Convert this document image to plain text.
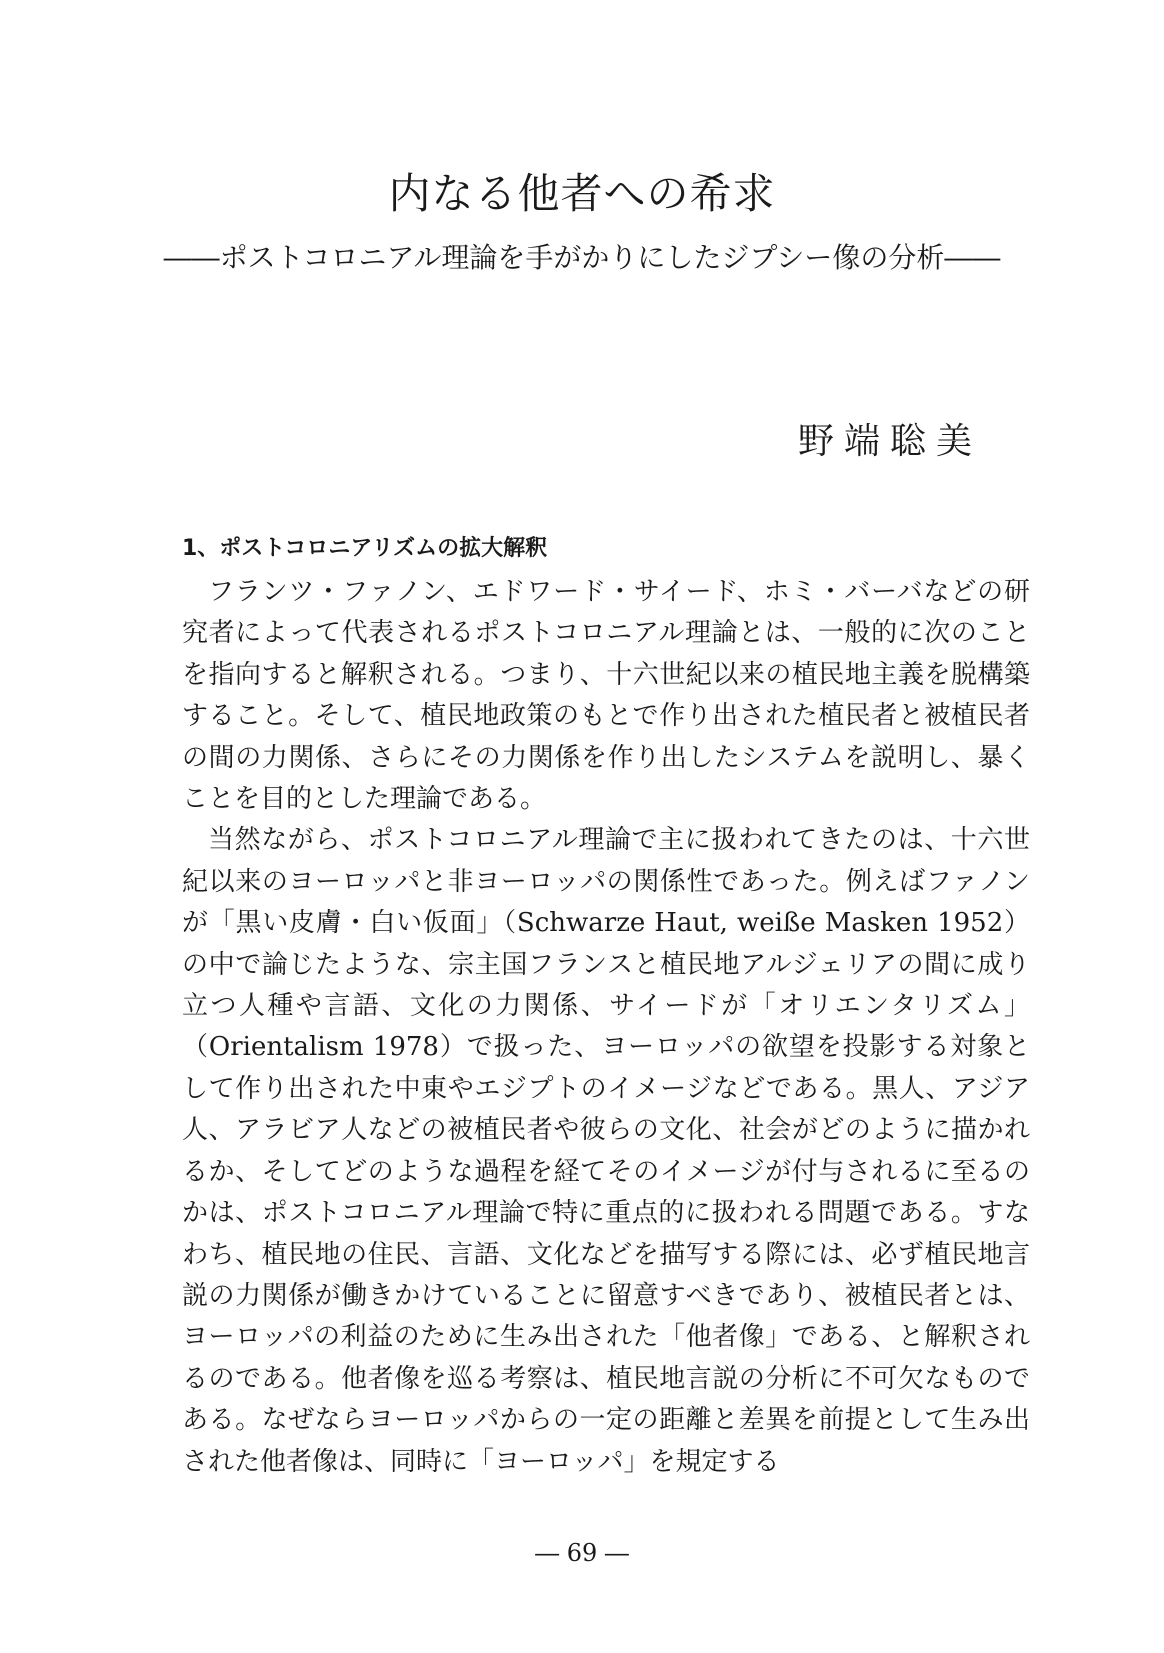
内なる他者への希求

――ポストコロニアル理論を手がかりにしたジプシー像の分析――

野端聡美

1、ポストコロニアリズムの拡大解釈

フランツ・ファノン、エドワード・サイード、ホミ・バーバなどの研究者によって代表されるポストコロニアル理論とは、一般的に次のことを指向すると解釈される。つまり、十六世紀以来の植民地主義を脱構築すること。そして、植民地政策のもとで作り出された植民者と被植民者の間の力関係、さらにその力関係を作り出したシステムを説明し、暴くことを目的とした理論である。

当然ながら、ポストコロニアル理論で主に扱われてきたのは、十六世紀以来のヨーロッパと非ヨーロッパの関係性であった。例えばファノンが「黒い皮膚・白い仮面」（Schwarze Haut, weiße Masken 1952）の中で論じたような、宗主国フランスと植民地アルジェリアの間に成り立つ人種や言語、文化の力関係、サイードが「オリエンタリズム」（Orientalism 1978）で扱った、ヨーロッパの欲望を投影する対象として作り出された中東やエジプトのイメージなどである。黒人、アジア人、アラビア人などの被植民者や彼らの文化、社会がどのように描かれるか、そしてどのような過程を経てそのイメージが付与されるに至るのかは、ポストコロニアル理論で特に重点的に扱われる問題である。すなわち、植民地の住民、言語、文化などを描写する際には、必ず植民地言説の力関係が働きかけていることに留意すべきであり、被植民者とは、ヨーロッパの利益のために生み出された「他者像」である、と解釈されるのである。他者像を巡る考察は、植民地言説の分析に不可欠なものである。なぜならヨーロッパからの一定の距離と差異を前提として生み出された他者像は、同時に「ヨーロッパ」を規定する

― 69 ―
